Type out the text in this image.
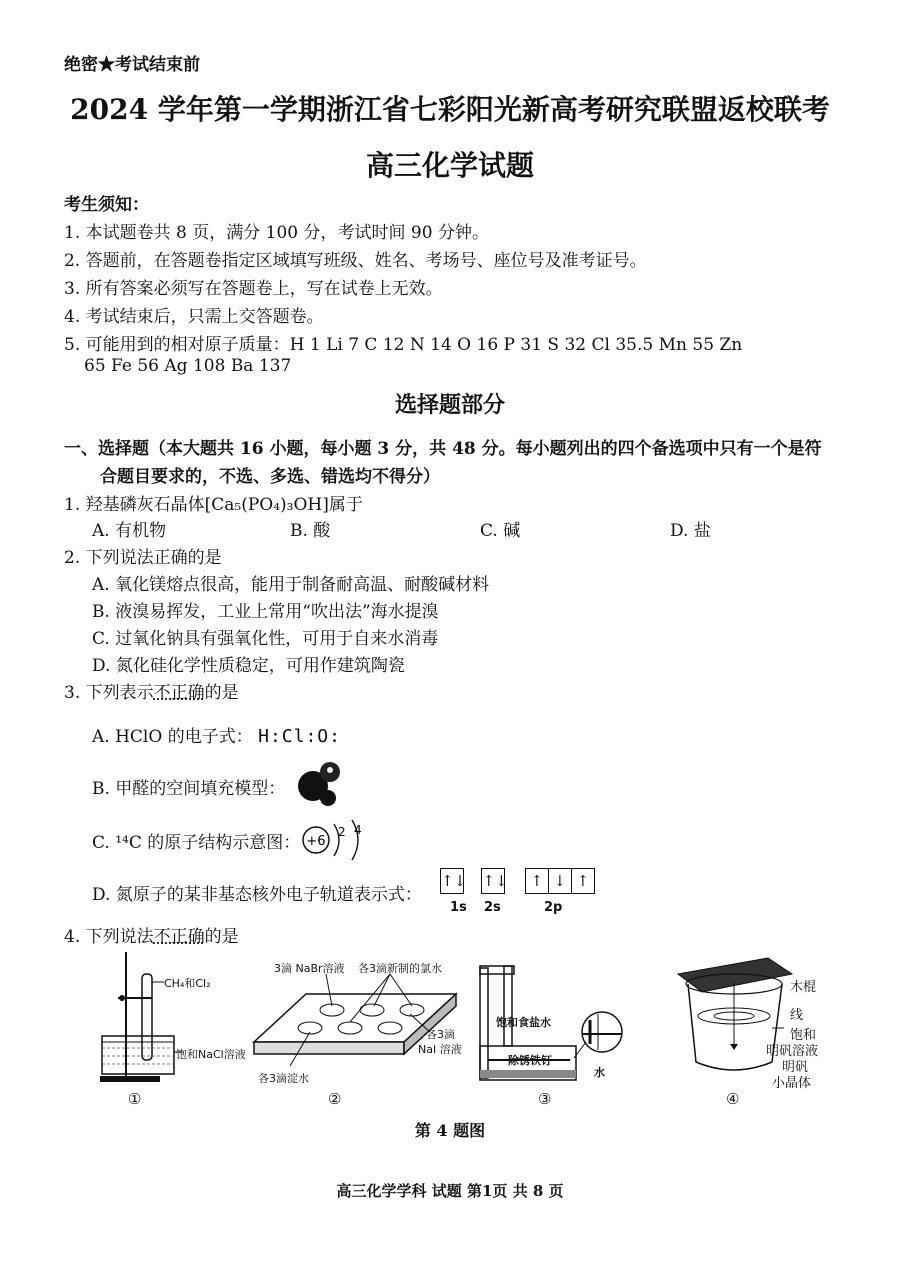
绝密★考试结束前
2024 学年第一学期浙江省七彩阳光新高考研究联盟返校联考
高三化学试题
考生须知：
1. 本试题卷共 8 页，满分 100 分，考试时间 90 分钟。
2. 答题前，在答题卷指定区域填写班级、姓名、考场号、座位号及准考证号。
3. 所有答案必须写在答题卷上，写在试卷上无效。
4. 考试结束后，只需上交答题卷。
5. 可能用到的相对原子质量：H 1 Li 7 C 12 N 14 O 16 P 31 S 32 Cl 35.5 Mn 55 Zn
65 Fe 56 Ag 108 Ba 137
选择题部分
一、选择题（本大题共 16 小题，每小题 3 分，共 48 分。每小题列出的四个备选项中只有一个是符
合题目要求的，不选、多选、错选均不得分）
1. 羟基磷灰石晶体[Ca₅(PO₄)₃OH]属于
A. 有机物	B. 酸	C. 碱	D. 盐
2. 下列说法正确的是
A. 氧化镁熔点很高，能用于制备耐高温、耐酸碱材料
B. 液溴易挥发，工业上常用“吹出法”海水提溴
C. 过氧化钠具有强氧化性，可用于自来水消毒
D. 氮化硅化学性质稳定，可用作建筑陶瓷
3. 下列表示不正确的是
A. HClO 的电子式： H:Cl:O:
B. 甲醛的空间填充模型：
C. ¹⁴C 的原子结构示意图： +6
2 4
D. 氮原子的某非基态核外电子轨道表示式：
↑↓ ↑↓ ↑ ↓ ↑
1s 2s	2p
4. 下列说法不正确的是
CH₄和Cl₂
饱和NaCl溶液
①
3滴 NaBr溶液 各3滴新制的氯水
各3滴
NaI 溶液
各3滴淀水
②
饱和食盐水
除锈铁钉
水
③
木棍
线
饱和
明矾溶液
明矾
小晶体
④
第 4 题图
高三化学学科 试题 第1页 共 8 页
